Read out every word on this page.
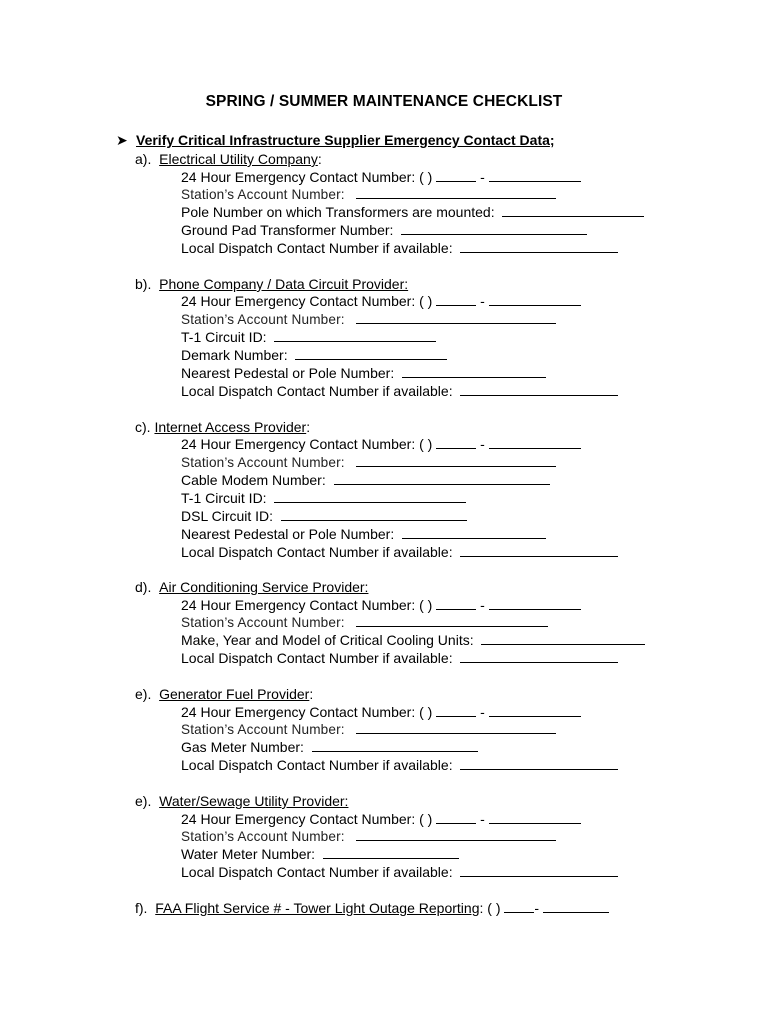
SPRING / SUMMER MAINTENANCE CHECKLIST
➤ Verify Critical Infrastructure Supplier Emergency Contact Data;
a). Electrical Utility Company:
24 Hour Emergency Contact Number: ( )	-
Station’s Account Number:
Pole Number on which Transformers are mounted:
Ground Pad Transformer Number:
Local Dispatch Contact Number if available:
b). Phone Company / Data Circuit Provider:
24 Hour Emergency Contact Number: ( )	-
Station’s Account Number:
T-1 Circuit ID:
Demark Number:
Nearest Pedestal or Pole Number:
Local Dispatch Contact Number if available:
c). Internet Access Provider:
24 Hour Emergency Contact Number: ( )	-
Station’s Account Number:
Cable Modem Number:
T-1 Circuit ID:
DSL Circuit ID:
Nearest Pedestal or Pole Number:
Local Dispatch Contact Number if available:
d). Air Conditioning Service Provider:
24 Hour Emergency Contact Number: ( )	-
Station’s Account Number:
Make, Year and Model of Critical Cooling Units:
Local Dispatch Contact Number if available:
e). Generator Fuel Provider:
24 Hour Emergency Contact Number: ( )	-
Station’s Account Number:
Gas Meter Number:
Local Dispatch Contact Number if available:
e). Water/Sewage Utility Provider:
24 Hour Emergency Contact Number: ( )	-
Station’s Account Number:
Water Meter Number:
Local Dispatch Contact Number if available:
f). FAA Flight Service # - Tower Light Outage Reporting: ( ) -
